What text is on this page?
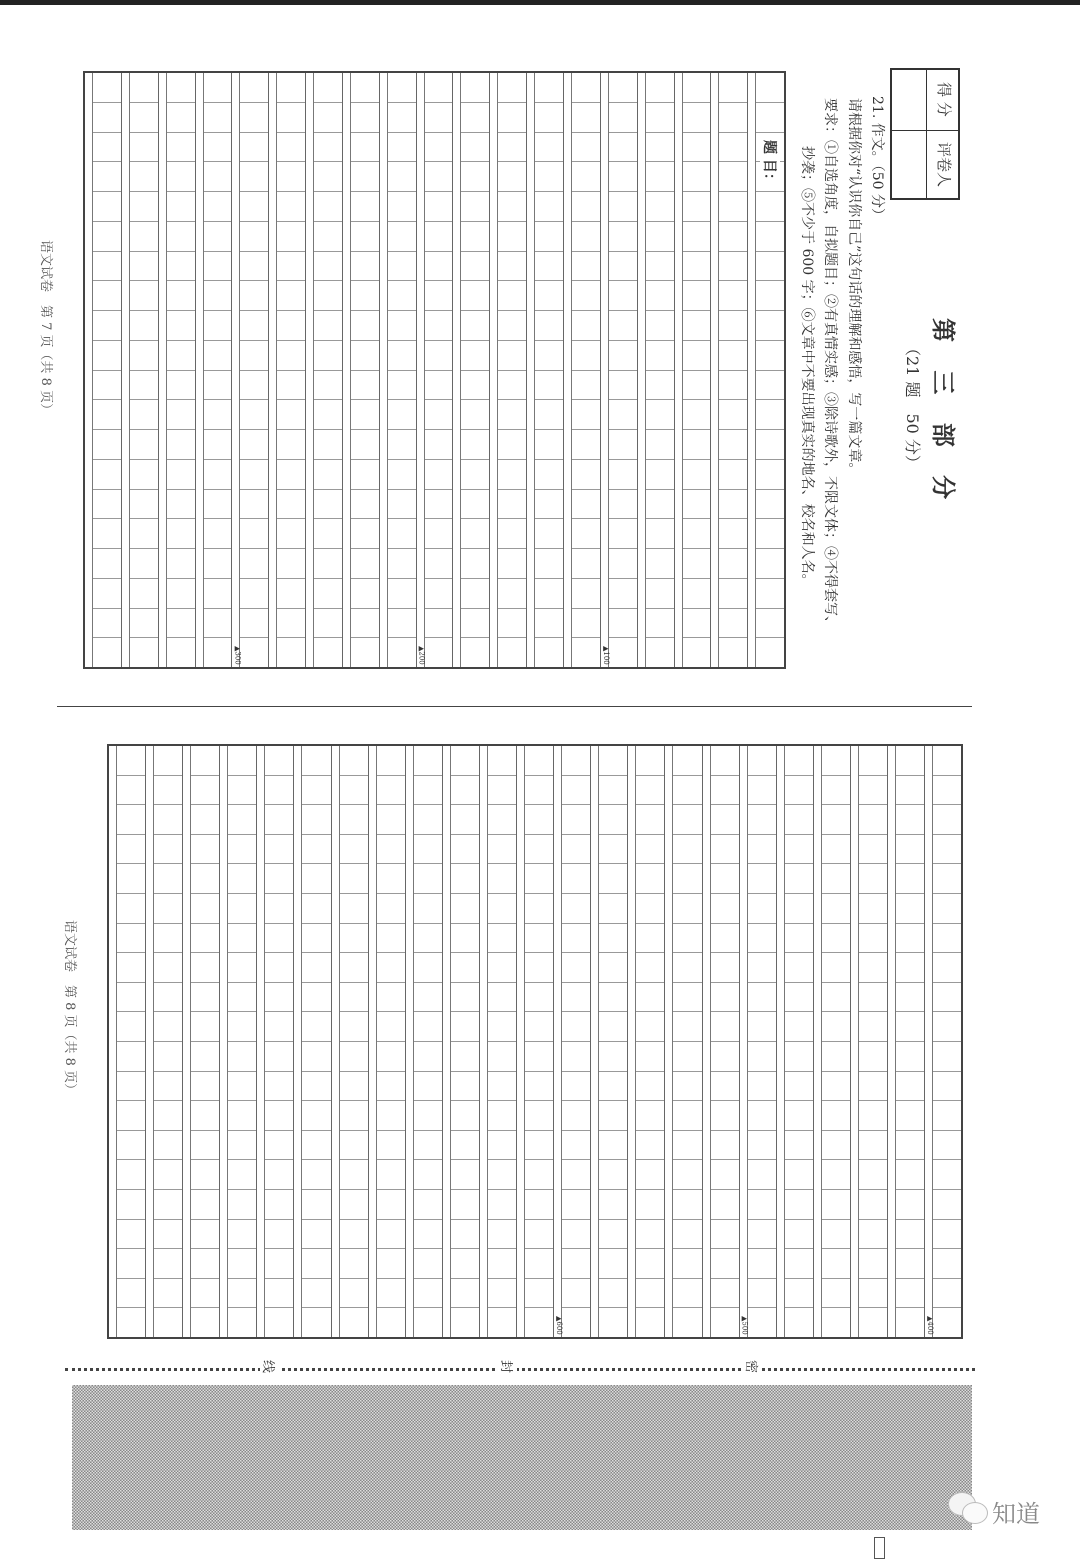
得 分
评卷人
第 三 部 分
（21 题　50 分）
21. 作文。（50 分）
请根据你对“认识你自己”这句话的理解和感悟，写一篇文章。
要求：①自选角度，自拟题目；②有真情实感；③除诗歌外，不限文体；④不得套写、
抄袭；⑤不少于 600 字；⑥文章中不要出现真实的地名、校名和人名。
▲300	▲200	▲100
题 目：
▲600	▲500	▲400
语文试卷　第 7 页（共 8 页）
语文试卷　第 8 页（共 8 页）
线	封	密
知道
